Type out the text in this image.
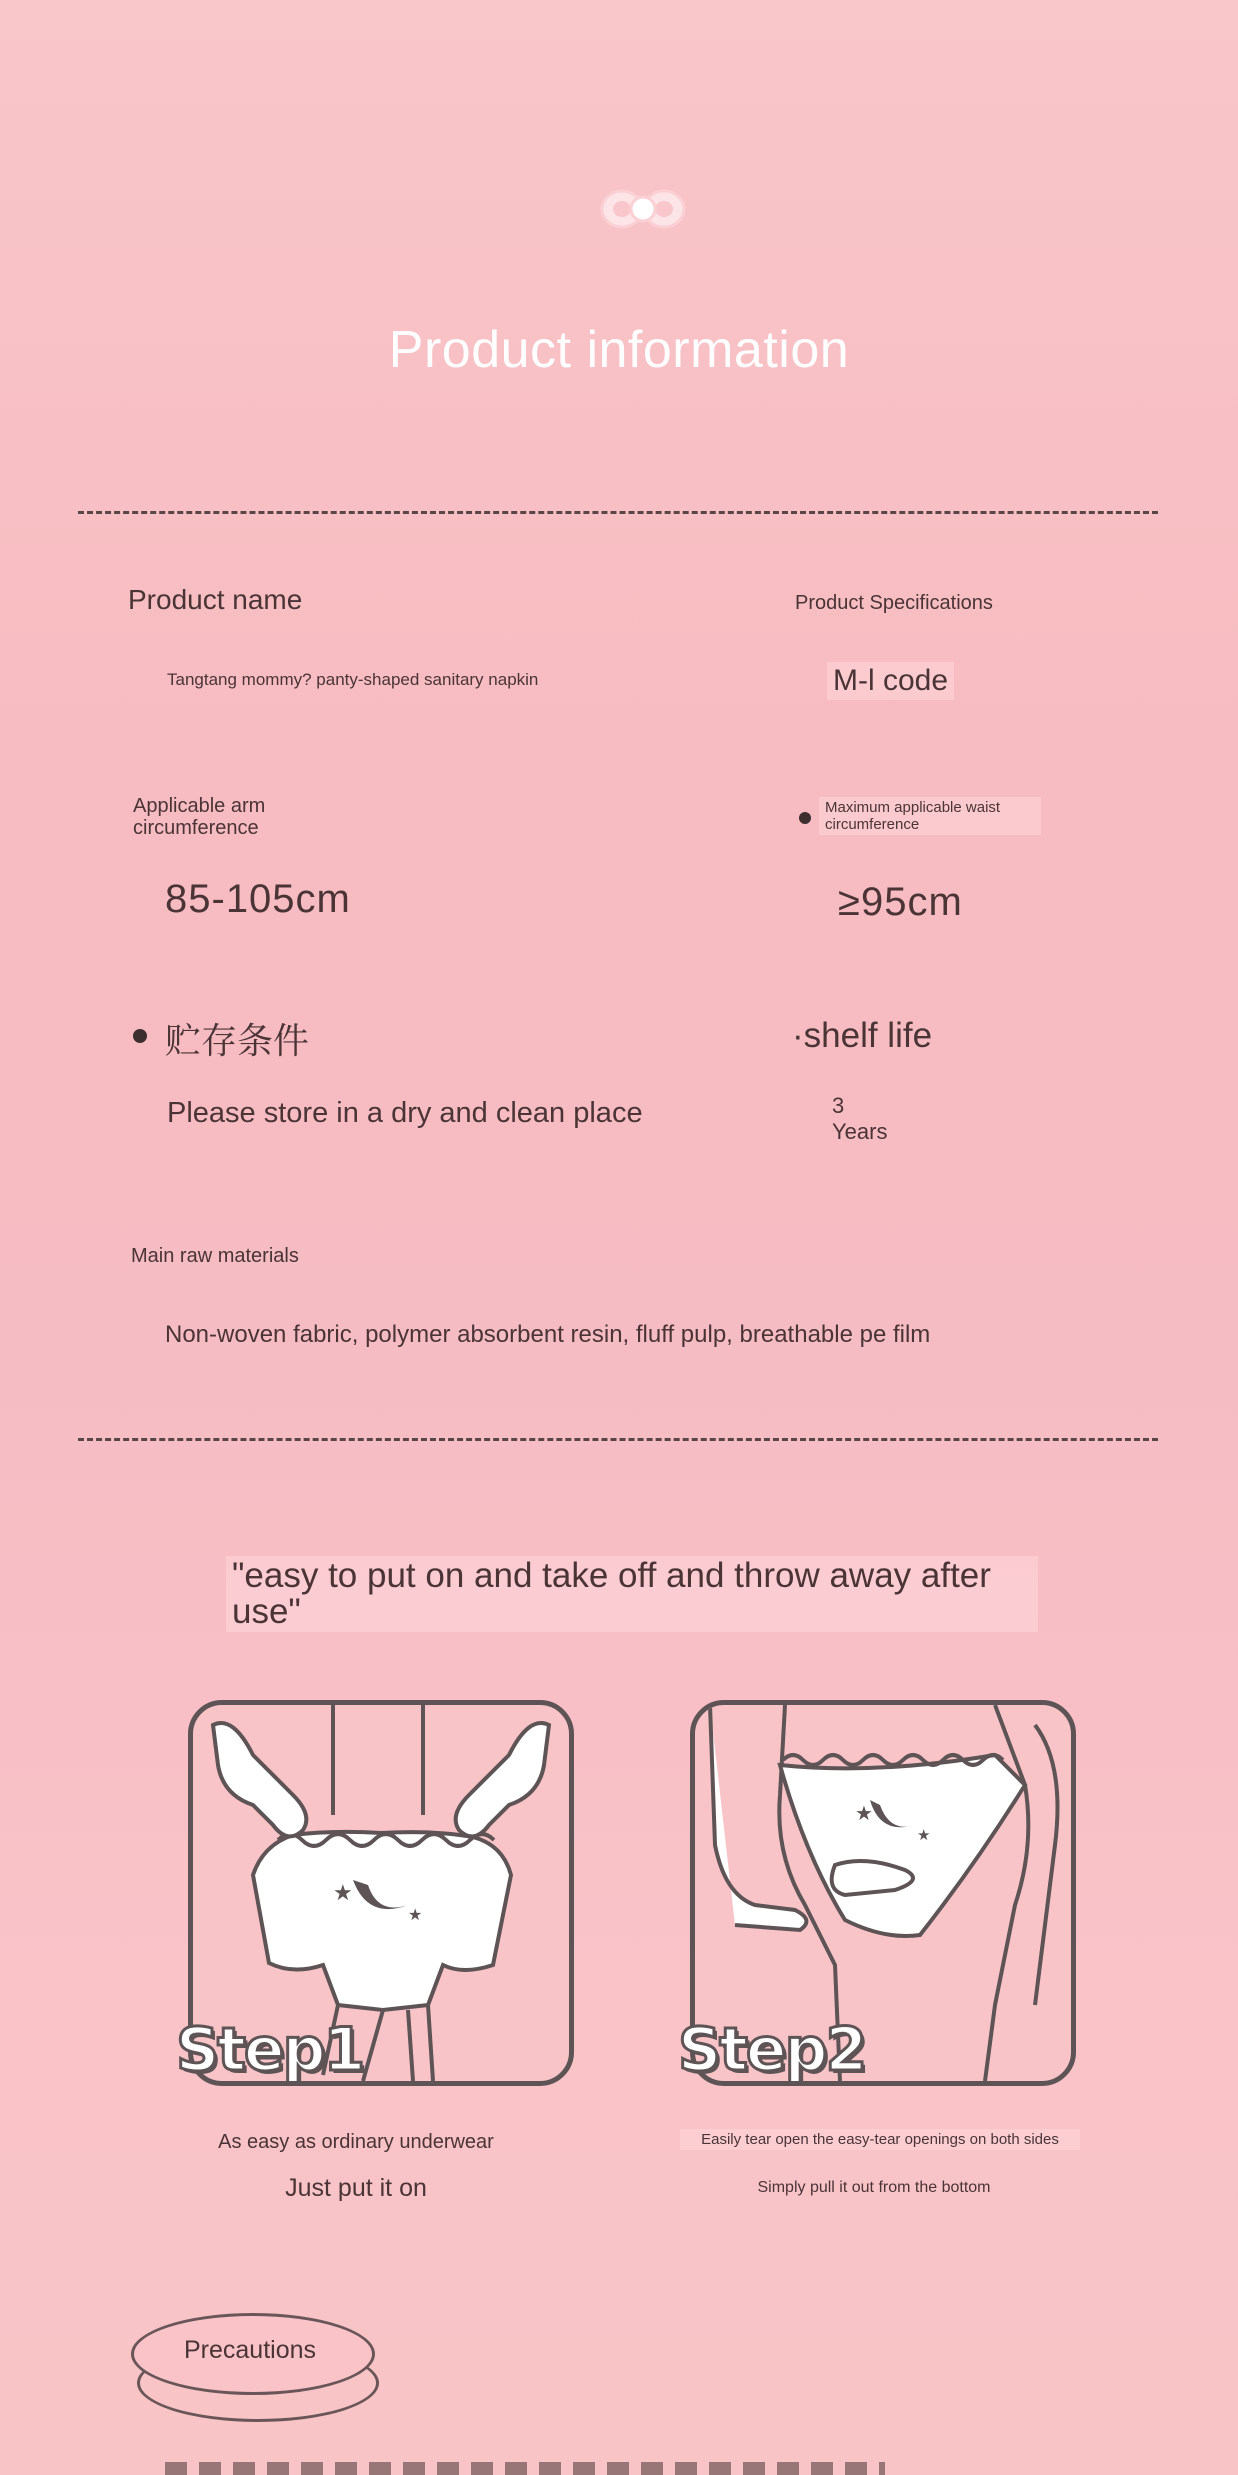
Product information
Product name
Tangtang mommy? panty-shaped sanitary napkin
Product Specifications
M-l code
Applicable arm circumference
85-105cm
Maximum applicable waist circumference
≥95cm
贮存条件
Please store in a dry and clean place
·shelf life
3
Years
Main raw materials
Non-woven fabric, polymer absorbent resin, fluff pulp, breathable pe film
"easy to put on and take off and throw away after use"
★
★
Step1
★
★
Step2
As easy as ordinary underwear
Just put it on
Easily tear open the easy-tear openings on both sides
Simply pull it out from the bottom
Precautions
